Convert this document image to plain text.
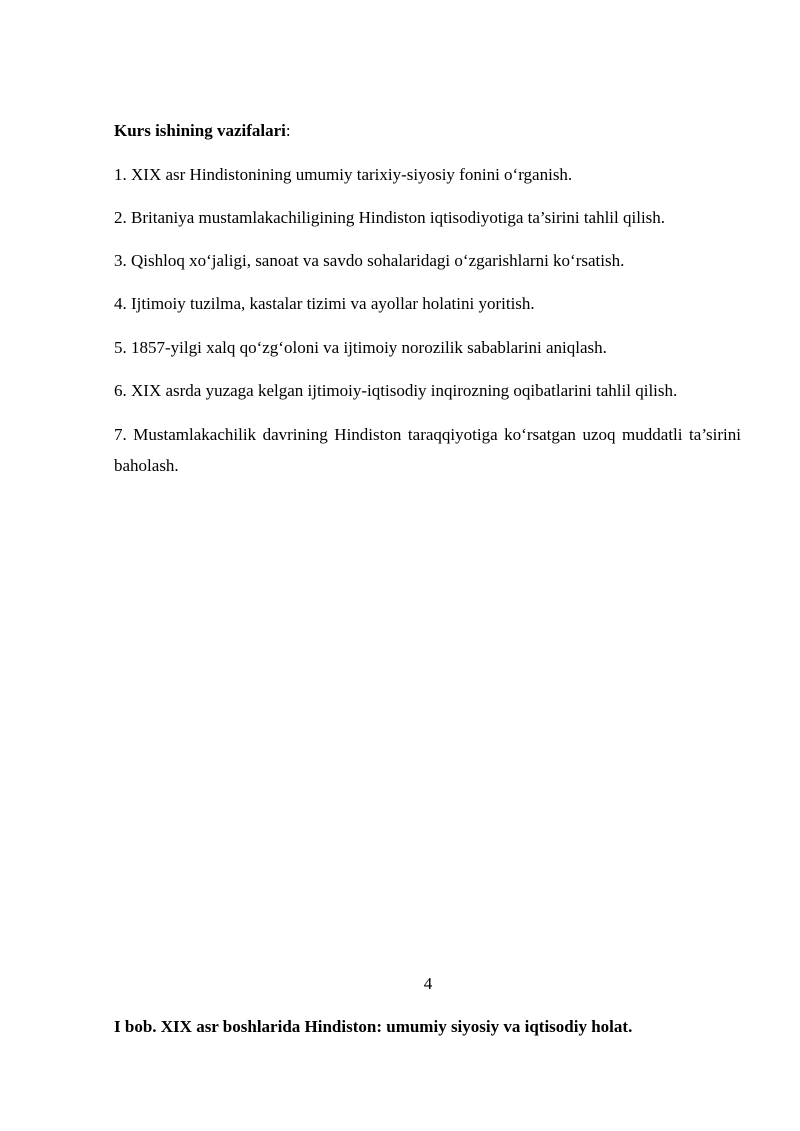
Kurs ishining vazifalari:

1. XIX asr Hindistonining umumiy tarixiy-siyosiy fonini o‘rganish.

2. Britaniya mustamlakachiligining Hindiston iqtisodiyotiga ta’sirini tahlil qilish.

3. Qishloq xo‘jaligi, sanoat va savdo sohalaridagi o‘zgarishlarni ko‘rsatish.

4. Ijtimoiy tuzilma, kastalar tizimi va ayollar holatini yoritish.

5. 1857-yilgi xalq qo‘zg‘oloni va ijtimoiy norozilik sabablarini aniqlash.

6. XIX asrda yuzaga kelgan ijtimoiy-iqtisodiy inqirozning oqibatlarini tahlil qilish.

7. Mustamlakachilik davrining Hindiston taraqqiyotiga ko‘rsatgan uzoq muddatli ta’sirini baholash.

4
I bob. XIX asr boshlarida Hindiston: umumiy siyosiy va iqtisodiy holat.
